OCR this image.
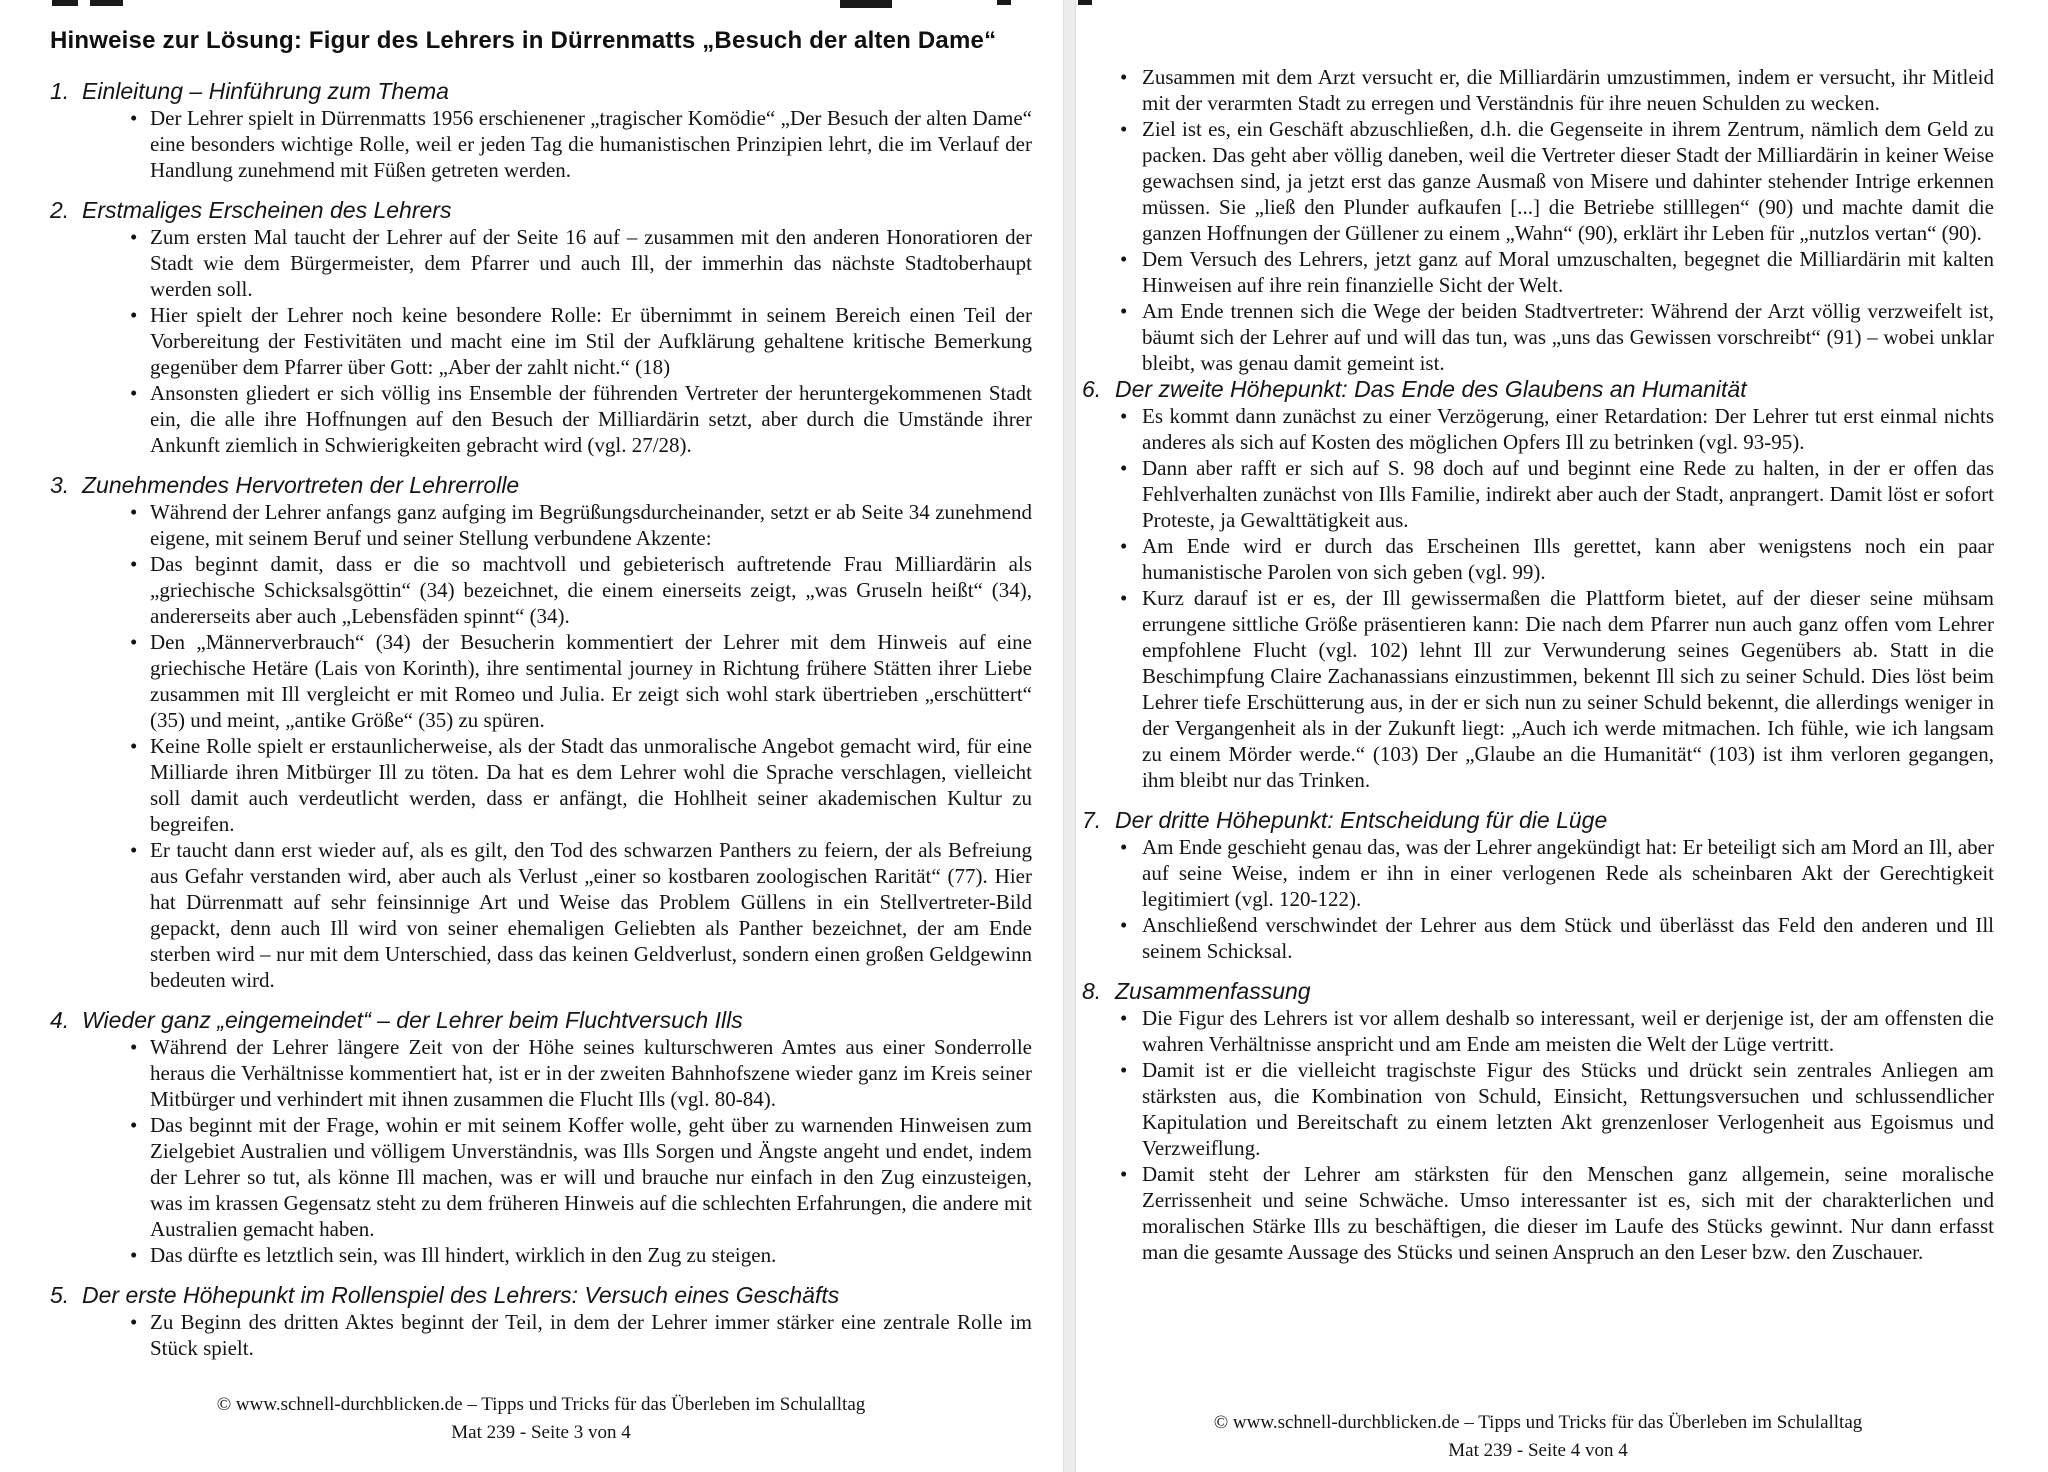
Hinweise zur Lösung: Figur des Lehrers in Dürrenmatts „Besuch der alten Dame“
1. Einleitung – Hinführung zum Thema
• Der Lehrer spielt in Dürrenmatts 1956 erschienener „tragischer Komödie“ „Der Besuch der alten Dame“ eine besonders wichtige Rolle, weil er jeden Tag die humanistischen Prinzipien lehrt, die im Verlauf der Handlung zunehmend mit Füßen getreten werden.
2. Erstmaliges Erscheinen des Lehrers
• Zum ersten Mal taucht der Lehrer auf der Seite 16 auf – zusammen mit den anderen Honoratioren der Stadt wie dem Bürgermeister, dem Pfarrer und auch Ill, der immerhin das nächste Stadtoberhaupt werden soll.
• Hier spielt der Lehrer noch keine besondere Rolle: Er übernimmt in seinem Bereich einen Teil der Vorbereitung der Festivitäten und macht eine im Stil der Aufklärung gehaltene kritische Bemerkung gegenüber dem Pfarrer über Gott: „Aber der zahlt nicht.“ (18)
• Ansonsten gliedert er sich völlig ins Ensemble der führenden Vertreter der heruntergekommenen Stadt ein, die alle ihre Hoffnungen auf den Besuch der Milliardärin setzt, aber durch die Umstände ihrer Ankunft ziemlich in Schwierigkeiten gebracht wird (vgl. 27/28).
3. Zunehmendes Hervortreten der Lehrerrolle
• Während der Lehrer anfangs ganz aufging im Begrüßungsdurcheinander, setzt er ab Seite 34 zunehmend eigene, mit seinem Beruf und seiner Stellung verbundene Akzente:
• Das beginnt damit, dass er die so machtvoll und gebieterisch auftretende Frau Milliardärin als „griechische Schicksalsgöttin“ (34) bezeichnet, die einem einerseits zeigt, „was Gruseln heißt“ (34), andererseits aber auch „Lebensfäden spinnt“ (34).
• Den „Männerverbrauch“ (34) der Besucherin kommentiert der Lehrer mit dem Hinweis auf eine griechische Hetäre (Lais von Korinth), ihre sentimental journey in Richtung frühere Stätten ihrer Liebe zusammen mit Ill vergleicht er mit Romeo und Julia. Er zeigt sich wohl stark übertrieben „erschüttert“ (35) und meint, „antike Größe“ (35) zu spüren.
• Keine Rolle spielt er erstaunlicherweise, als der Stadt das unmoralische Angebot gemacht wird, für eine Milliarde ihren Mitbürger Ill zu töten. Da hat es dem Lehrer wohl die Sprache verschlagen, vielleicht soll damit auch verdeutlicht werden, dass er anfängt, die Hohlheit seiner akademischen Kultur zu begreifen.
• Er taucht dann erst wieder auf, als es gilt, den Tod des schwarzen Panthers zu feiern, der als Befreiung aus Gefahr verstanden wird, aber auch als Verlust „einer so kostbaren zoologischen Rarität“ (77). Hier hat Dürrenmatt auf sehr feinsinnige Art und Weise das Problem Güllens in ein Stellvertreter-Bild gepackt, denn auch Ill wird von seiner ehemaligen Geliebten als Panther bezeichnet, der am Ende sterben wird – nur mit dem Unterschied, dass das keinen Geldverlust, sondern einen großen Geldgewinn bedeuten wird.
4. Wieder ganz „eingemeindet“ – der Lehrer beim Fluchtversuch Ills
• Während der Lehrer längere Zeit von der Höhe seines kulturschweren Amtes aus einer Sonderrolle heraus die Verhältnisse kommentiert hat, ist er in der zweiten Bahnhofszene wieder ganz im Kreis seiner Mitbürger und verhindert mit ihnen zusammen die Flucht Ills (vgl. 80-84).
• Das beginnt mit der Frage, wohin er mit seinem Koffer wolle, geht über zu warnenden Hinweisen zum Zielgebiet Australien und völligem Unverständnis, was Ills Sorgen und Ängste angeht und endet, indem der Lehrer so tut, als könne Ill machen, was er will und brauche nur einfach in den Zug einzusteigen, was im krassen Gegensatz steht zu dem früheren Hinweis auf die schlechten Erfahrungen, die andere mit Australien gemacht haben.
• Das dürfte es letztlich sein, was Ill hindert, wirklich in den Zug zu steigen.
5. Der erste Höhepunkt im Rollenspiel des Lehrers: Versuch eines Geschäfts
• Zu Beginn des dritten Aktes beginnt der Teil, in dem der Lehrer immer stärker eine zentrale Rolle im Stück spielt.
© www.schnell-durchblicken.de – Tipps und Tricks für das Überleben im Schulalltag
Mat 239 - Seite 3 von 4
• Zusammen mit dem Arzt versucht er, die Milliardärin umzustimmen, indem er versucht, ihr Mitleid mit der verarmten Stadt zu erregen und Verständnis für ihre neuen Schulden zu wecken.
• Ziel ist es, ein Geschäft abzuschließen, d.h. die Gegenseite in ihrem Zentrum, nämlich dem Geld zu packen. Das geht aber völlig daneben, weil die Vertreter dieser Stadt der Milliardärin in keiner Weise gewachsen sind, ja jetzt erst das ganze Ausmaß von Misere und dahinter stehender Intrige erkennen müssen. Sie „ließ den Plunder aufkaufen [...] die Betriebe stilllegen“ (90) und machte damit die ganzen Hoffnungen der Güllener zu einem „Wahn“ (90), erklärt ihr Leben für „nutzlos vertan“ (90).
• Dem Versuch des Lehrers, jetzt ganz auf Moral umzuschalten, begegnet die Milliardärin mit kalten Hinweisen auf ihre rein finanzielle Sicht der Welt.
• Am Ende trennen sich die Wege der beiden Stadtvertreter: Während der Arzt völlig verzweifelt ist, bäumt sich der Lehrer auf und will das tun, was „uns das Gewissen vorschreibt“ (91) – wobei unklar bleibt, was genau damit gemeint ist.
6. Der zweite Höhepunkt: Das Ende des Glaubens an Humanität
• Es kommt dann zunächst zu einer Verzögerung, einer Retardation: Der Lehrer tut erst einmal nichts anderes als sich auf Kosten des möglichen Opfers Ill zu betrinken (vgl. 93-95).
• Dann aber rafft er sich auf S. 98 doch auf und beginnt eine Rede zu halten, in der er offen das Fehlverhalten zunächst von Ills Familie, indirekt aber auch der Stadt, anprangert. Damit löst er sofort Proteste, ja Gewalttätigkeit aus.
• Am Ende wird er durch das Erscheinen Ills gerettet, kann aber wenigstens noch ein paar humanistische Parolen von sich geben (vgl. 99).
• Kurz darauf ist er es, der Ill gewissermaßen die Plattform bietet, auf der dieser seine mühsam errungene sittliche Größe präsentieren kann: Die nach dem Pfarrer nun auch ganz offen vom Lehrer empfohlene Flucht (vgl. 102) lehnt Ill zur Verwunderung seines Gegenübers ab. Statt in die Beschimpfung Claire Zachanassians einzustimmen, bekennt Ill sich zu seiner Schuld. Dies löst beim Lehrer tiefe Erschütterung aus, in der er sich nun zu seiner Schuld bekennt, die allerdings weniger in der Vergangenheit als in der Zukunft liegt: „Auch ich werde mitmachen. Ich fühle, wie ich langsam zu einem Mörder werde.“ (103) Der „Glaube an die Humanität“ (103) ist ihm verloren gegangen, ihm bleibt nur das Trinken.
7. Der dritte Höhepunkt: Entscheidung für die Lüge
• Am Ende geschieht genau das, was der Lehrer angekündigt hat: Er beteiligt sich am Mord an Ill, aber auf seine Weise, indem er ihn in einer verlogenen Rede als scheinbaren Akt der Gerechtigkeit legitimiert (vgl. 120-122).
• Anschließend verschwindet der Lehrer aus dem Stück und überlässt das Feld den anderen und Ill seinem Schicksal.
8. Zusammenfassung
• Die Figur des Lehrers ist vor allem deshalb so interessant, weil er derjenige ist, der am offensten die wahren Verhältnisse anspricht und am Ende am meisten die Welt der Lüge vertritt.
• Damit ist er die vielleicht tragischste Figur des Stücks und drückt sein zentrales Anliegen am stärksten aus, die Kombination von Schuld, Einsicht, Rettungsversuchen und schlussendlicher Kapitulation und Bereitschaft zu einem letzten Akt grenzenloser Verlogenheit aus Egoismus und Verzweiflung.
• Damit steht der Lehrer am stärksten für den Menschen ganz allgemein, seine moralische Zerrissenheit und seine Schwäche. Umso interessanter ist es, sich mit der charakterlichen und moralischen Stärke Ills zu beschäftigen, die dieser im Laufe des Stücks gewinnt. Nur dann erfasst man die gesamte Aussage des Stücks und seinen Anspruch an den Leser bzw. den Zuschauer.
© www.schnell-durchblicken.de – Tipps und Tricks für das Überleben im Schulalltag
Mat 239 - Seite 4 von 4
